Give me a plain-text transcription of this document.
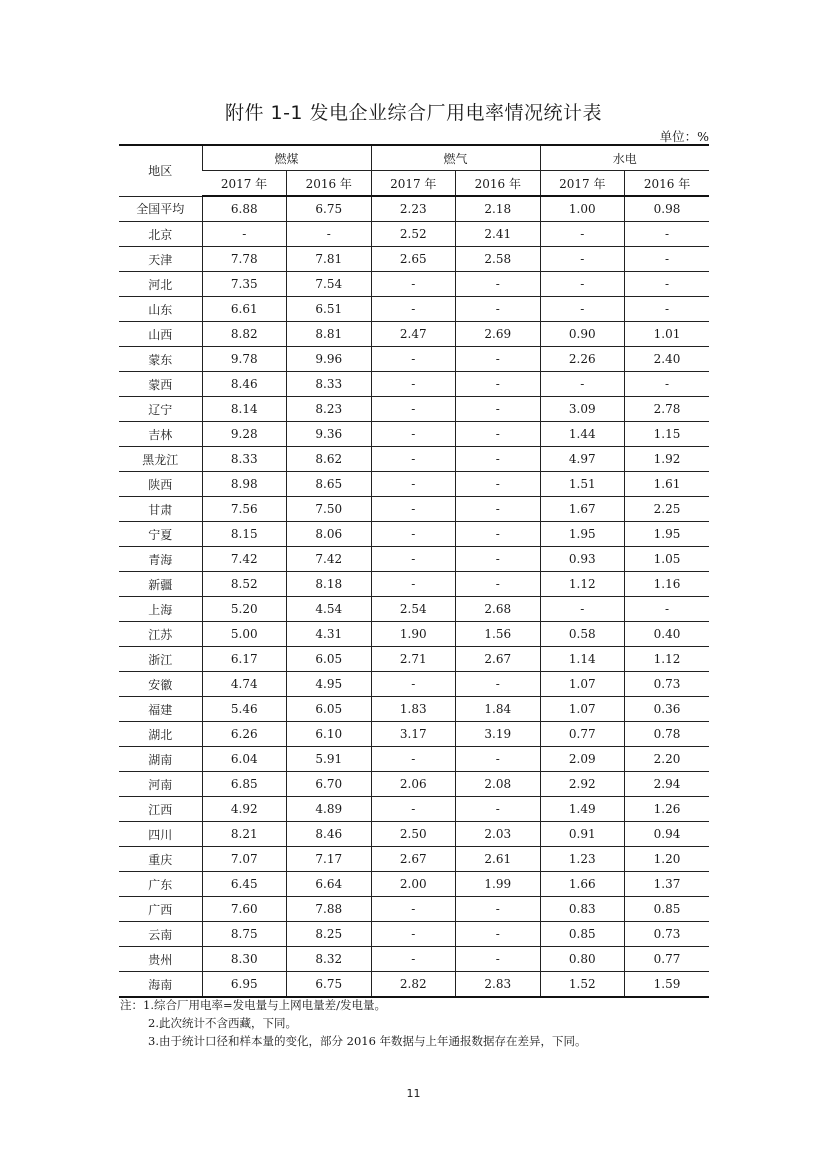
附件 1-1 发电企业综合厂用电率情况统计表
单位：%
地区	燃煤		燃气		水电	
	2017 年	2016 年	2017 年	2016 年	2017 年	2016 年
全国平均	6.88	6.75	2.23	2.18	1.00	0.98
北京	-	-	2.52	2.41	-	-
天津	7.78	7.81	2.65	2.58	-	-
河北	7.35	7.54	-	-	-	-
山东	6.61	6.51	-	-	-	-
山西	8.82	8.81	2.47	2.69	0.90	1.01
蒙东	9.78	9.96	-	-	2.26	2.40
蒙西	8.46	8.33	-	-	-	-
辽宁	8.14	8.23	-	-	3.09	2.78
吉林	9.28	9.36	-	-	1.44	1.15
黑龙江	8.33	8.62	-	-	4.97	1.92
陕西	8.98	8.65	-	-	1.51	1.61
甘肃	7.56	7.50	-	-	1.67	2.25
宁夏	8.15	8.06	-	-	1.95	1.95
青海	7.42	7.42	-	-	0.93	1.05
新疆	8.52	8.18	-	-	1.12	1.16
上海	5.20	4.54	2.54	2.68	-	-
江苏	5.00	4.31	1.90	1.56	0.58	0.40
浙江	6.17	6.05	2.71	2.67	1.14	1.12
安徽	4.74	4.95	-	-	1.07	0.73
福建	5.46	6.05	1.83	1.84	1.07	0.36
湖北	6.26	6.10	3.17	3.19	0.77	0.78
湖南	6.04	5.91	-	-	2.09	2.20
河南	6.85	6.70	2.06	2.08	2.92	2.94
江西	4.92	4.89	-	-	1.49	1.26
四川	8.21	8.46	2.50	2.03	0.91	0.94
重庆	7.07	7.17	2.67	2.61	1.23	1.20
广东	6.45	6.64	2.00	1.99	1.66	1.37
广西	7.60	7.88	-	-	0.83	0.85
云南	8.75	8.25	-	-	0.85	0.73
贵州	8.30	8.32	-	-	0.80	0.77
海南	6.95	6.75	2.82	2.83	1.52	1.59
注：1.综合厂用电率=发电量与上网电量差/发电量。
2.此次统计不含西藏，下同。
3.由于统计口径和样本量的变化，部分 2016 年数据与上年通报数据存在差异，下同。
11
